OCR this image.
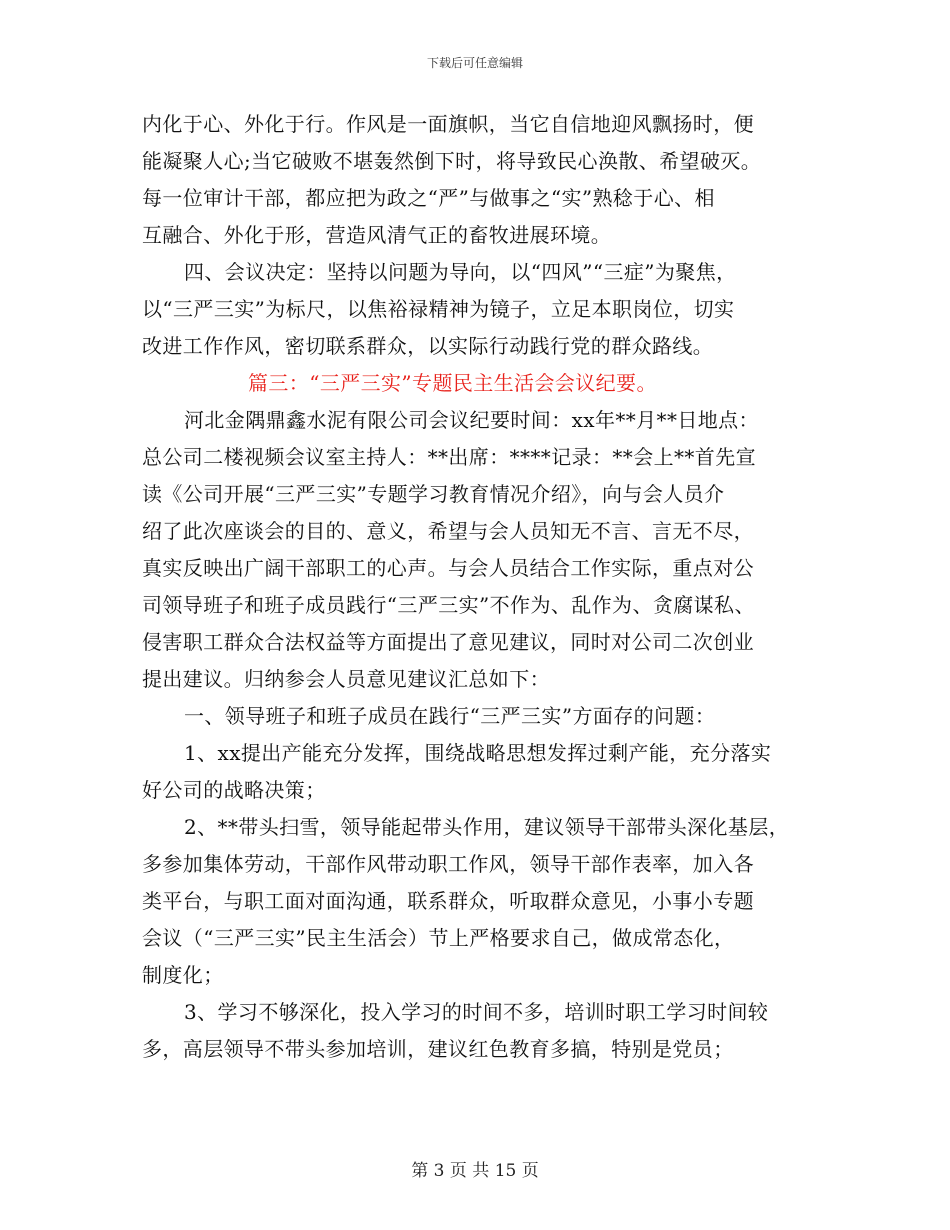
下载后可任意编辑
内化于心、外化于行。作风是一面旗帜，当它自信地迎风飘扬时，便
能凝聚人心;当它破败不堪轰然倒下时，将导致民心涣散、希望破灭。
每一位审计干部，都应把为政之“严”与做事之“实”熟稔于心、相
互融合、外化于形，营造风清气正的畜牧进展环境。
四、会议决定：坚持以问题为导向，以“四风”“三症”为聚焦，
以“三严三实”为标尺，以焦裕禄精神为镜子，立足本职岗位，切实
改进工作作风，密切联系群众，以实际行动践行党的群众路线。
篇三：“三严三实”专题民主生活会会议纪要。
河北金隅鼎鑫水泥有限公司会议纪要时间：xx年**月**日地点：
总公司二楼视频会议室主持人：**出席：****记录：**会上**首先宣
读《公司开展“三严三实”专题学习教育情况介绍》，向与会人员介
绍了此次座谈会的目的、意义，希望与会人员知无不言、言无不尽，
真实反映出广阔干部职工的心声。与会人员结合工作实际，重点对公
司领导班子和班子成员践行“三严三实”不作为、乱作为、贪腐谋私、
侵害职工群众合法权益等方面提出了意见建议，同时对公司二次创业
提出建议。归纳参会人员意见建议汇总如下：
一、领导班子和班子成员在践行“三严三实”方面存的问题：
1、xx提出产能充分发挥，围绕战略思想发挥过剩产能，充分落实
好公司的战略决策；
2、**带头扫雪，领导能起带头作用，建议领导干部带头深化基层，
多参加集体劳动，干部作风带动职工作风，领导干部作表率，加入各
类平台，与职工面对面沟通，联系群众，听取群众意见，小事小专题
会议（“三严三实”民主生活会）节上严格要求自己，做成常态化，
制度化；
3、学习不够深化，投入学习的时间不多，培训时职工学习时间较
多，高层领导不带头参加培训，建议红色教育多搞，特别是党员；
第 3 页 共 15 页
